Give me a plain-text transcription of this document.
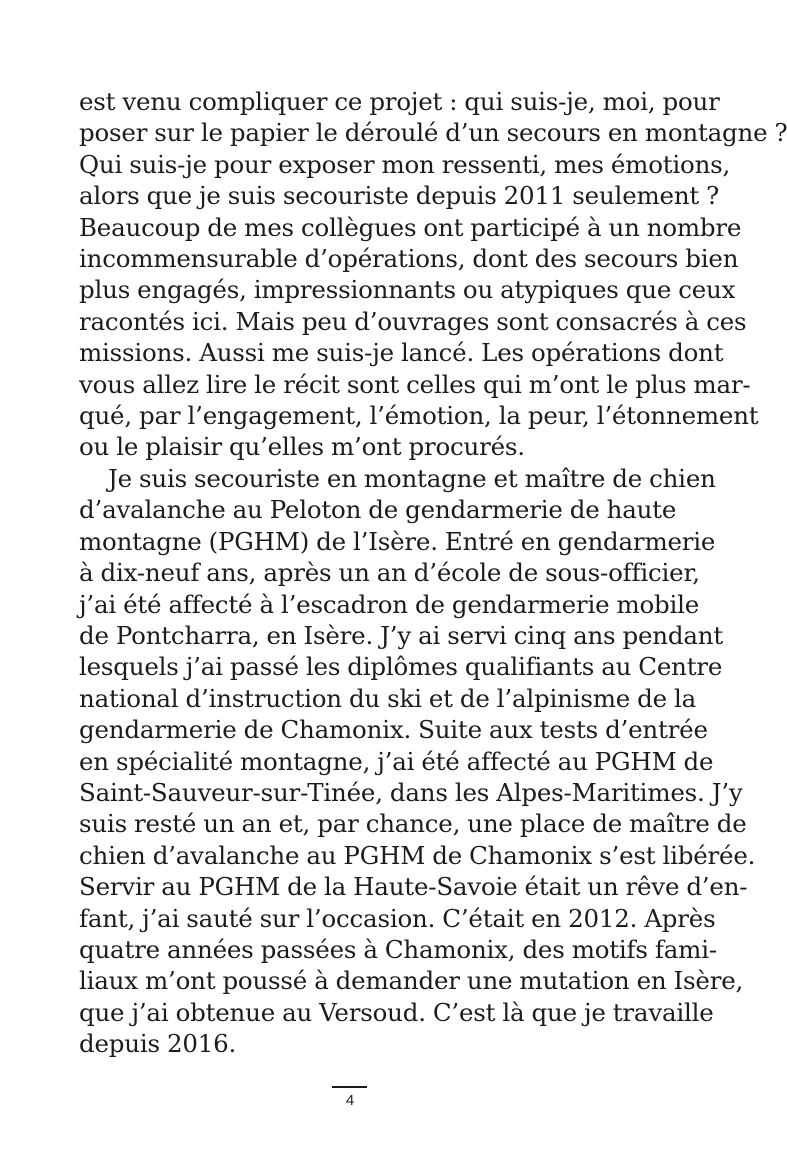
est venu compliquer ce projet : qui suis-je, moi, pour
poser sur le papier le déroulé d’un secours en montagne ?
Qui suis-je pour exposer mon ressenti, mes émotions,
alors que je suis secouriste depuis 2011 seulement ?
Beaucoup de mes collègues ont participé à un nombre
incommensurable d’opérations, dont des secours bien
plus engagés, impressionnants ou atypiques que ceux
racontés ici. Mais peu d’ouvrages sont consacrés à ces
missions. Aussi me suis-je lancé. Les opérations dont
vous allez lire le récit sont celles qui m’ont le plus mar-
qué, par l’engagement, l’émotion, la peur, l’étonnement
ou le plaisir qu’elles m’ont procurés.
Je suis secouriste en montagne et maître de chien
d’avalanche au Peloton de gendarmerie de haute
montagne (PGHM) de l’Isère. Entré en gendarmerie
à dix-neuf ans, après un an d’école de sous-officier,
j’ai été affecté à l’escadron de gendarmerie mobile
de Pontcharra, en Isère. J’y ai servi cinq ans pendant
lesquels j’ai passé les diplômes qualifiants au Centre
national d’instruction du ski et de l’alpinisme de la
gendarmerie de Chamonix. Suite aux tests d’entrée
en spécialité montagne, j’ai été affecté au PGHM de
Saint-Sauveur-sur-Tinée, dans les Alpes-Maritimes. J’y
suis resté un an et, par chance, une place de maître de
chien d’avalanche au PGHM de Chamonix s’est libérée.
Servir au PGHM de la Haute-Savoie était un rêve d’en-
fant, j’ai sauté sur l’occasion. C’était en 2012. Après
quatre années passées à Chamonix, des motifs fami-
liaux m’ont poussé à demander une mutation en Isère,
que j’ai obtenue au Versoud. C’est là que je travaille
depuis 2016.
4
